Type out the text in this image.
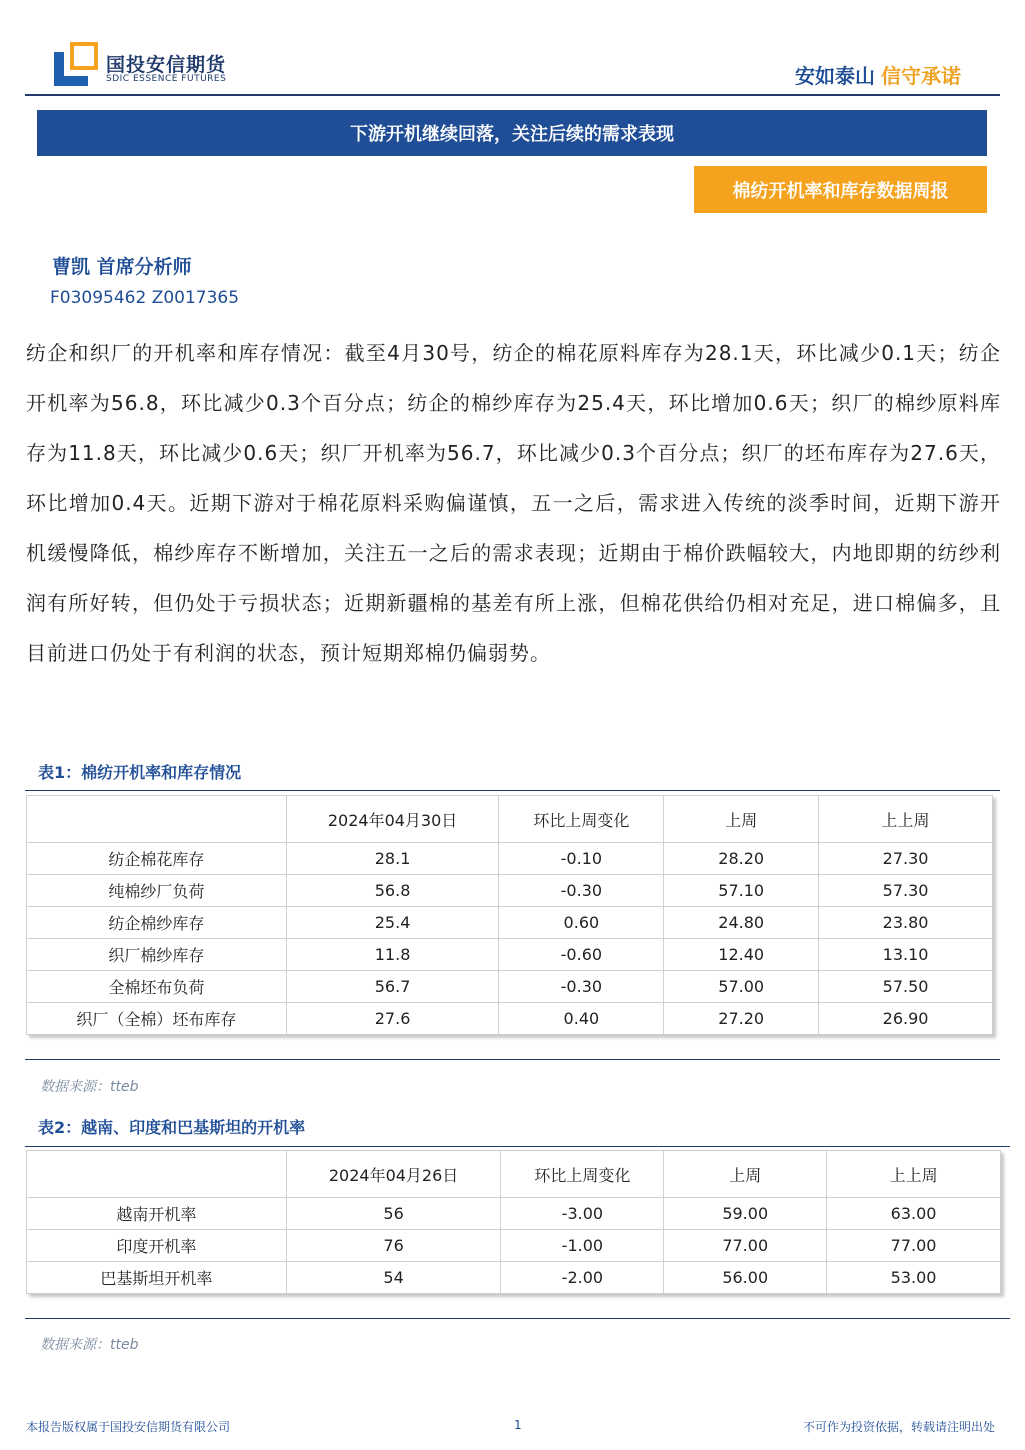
国投安信期货
SDIC ESSENCE FUTURES	安如泰山 信守承诺
下游开机继续回落，关注后续的需求表现
棉纺开机率和库存数据周报
曹凯 首席分析师
F03095462 Z0017365
纺企和织厂的开机率和库存情况：截至4月30号，纺企的棉花原料库存为28.1天，环比减少0.1天；纺企开机率为56.8，环比减少0.3个百分点；纺企的棉纱库存为25.4天，环比增加0.6天；织厂的棉纱原料库存为11.8天，环比减少0.6天；织厂开机率为56.7，环比减少0.3个百分点；织厂的坯布库存为27.6天，环比增加0.4天。近期下游对于棉花原料采购偏谨慎，五一之后，需求进入传统的淡季时间，近期下游开机缓慢降低，棉纱库存不断增加，关注五一之后的需求表现；近期由于棉价跌幅较大，内地即期的纺纱利润有所好转，但仍处于亏损状态；近期新疆棉的基差有所上涨，但棉花供给仍相对充足，进口棉偏多，且目前进口仍处于有利润的状态，预计短期郑棉仍偏弱势。
表1：棉纺开机率和库存情况
	2024年04月30日	环比上周变化	上周	上上周
纺企棉花库存	28.1	-0.10	28.20	27.30
纯棉纱厂负荷	56.8	-0.30	57.10	57.30
纺企棉纱库存	25.4	0.60	24.80	23.80
织厂棉纱库存	11.8	-0.60	12.40	13.10
全棉坯布负荷	56.7	-0.30	57.00	57.50
织厂（全棉）坯布库存	27.6	0.40	27.20	26.90
数据来源：tteb
表2：越南、印度和巴基斯坦的开机率
	2024年04月26日	环比上周变化	上周	上上周
越南开机率	56	-3.00	59.00	63.00
印度开机率	76	-1.00	77.00	77.00
巴基斯坦开机率	54	-2.00	56.00	53.00
数据来源：tteb
本报告版权属于国投安信期货有限公司	1	不可作为投资依据，转载请注明出处
